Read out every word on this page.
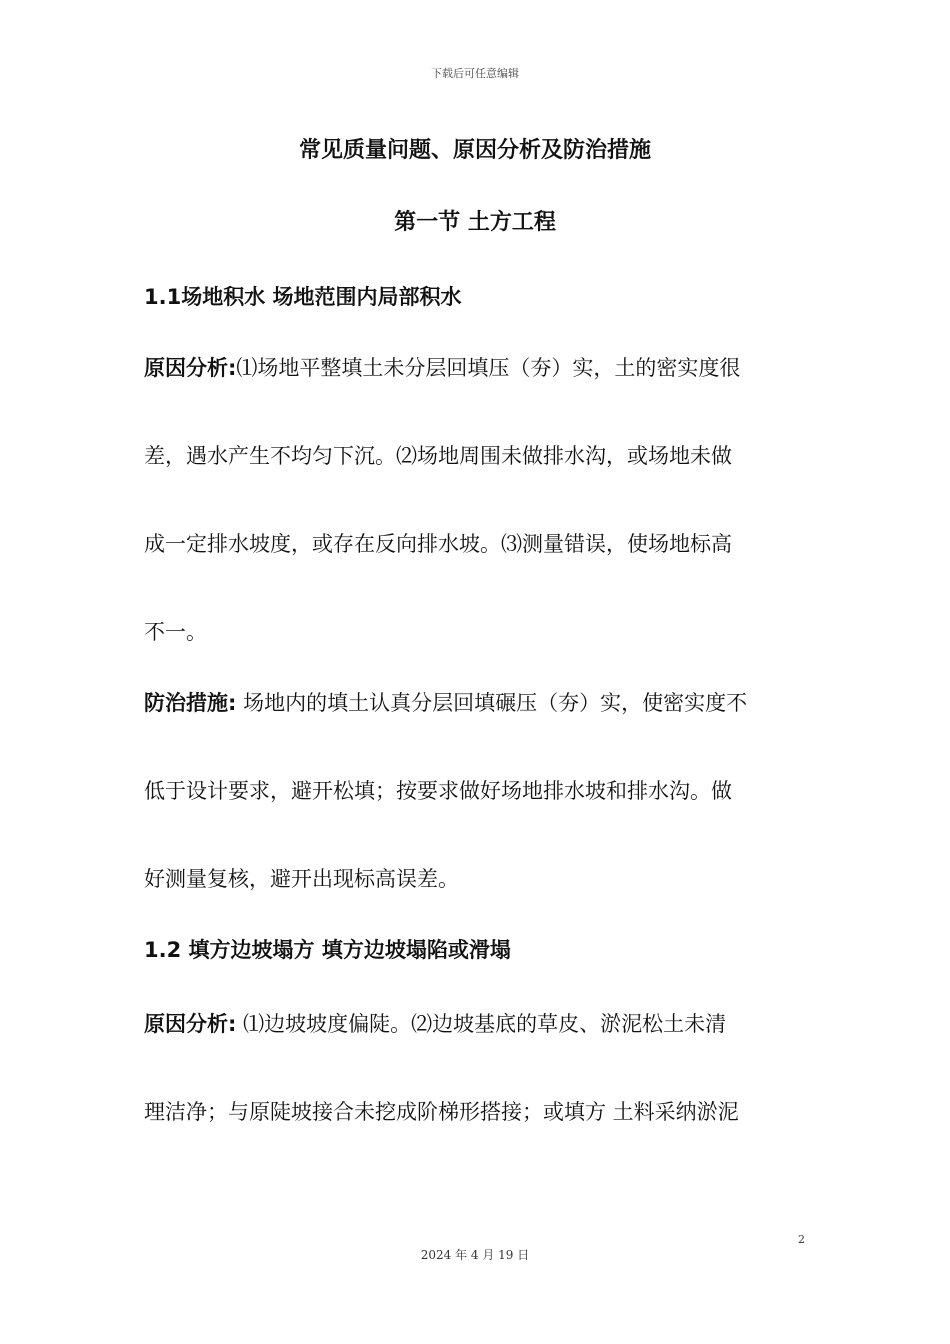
下载后可任意编辑
常见质量问题、原因分析及防治措施
第一节 土方工程
1.1场地积水 场地范围内局部积水
原因分析:⑴场地平整填土未分层回填压（夯）实，土的密实度很
差，遇水产生不均匀下沉。⑵场地周围未做排水沟，或场地未做
成一定排水坡度，或存在反向排水坡。⑶测量错误，使场地标高
不一。
防治措施: 场地内的填土认真分层回填碾压（夯）实，使密实度不
低于设计要求，避开松填；按要求做好场地排水坡和排水沟。做
好测量复核，避开出现标高误差。
1.2 填方边坡塌方 填方边坡塌陷或滑塌
原因分析: ⑴边坡坡度偏陡。⑵边坡基底的草皮、淤泥松土未清
理洁净；与原陡坡接合未挖成阶梯形搭接；或填方 土料采纳淤泥
2
2024 年 4 月 19 日
